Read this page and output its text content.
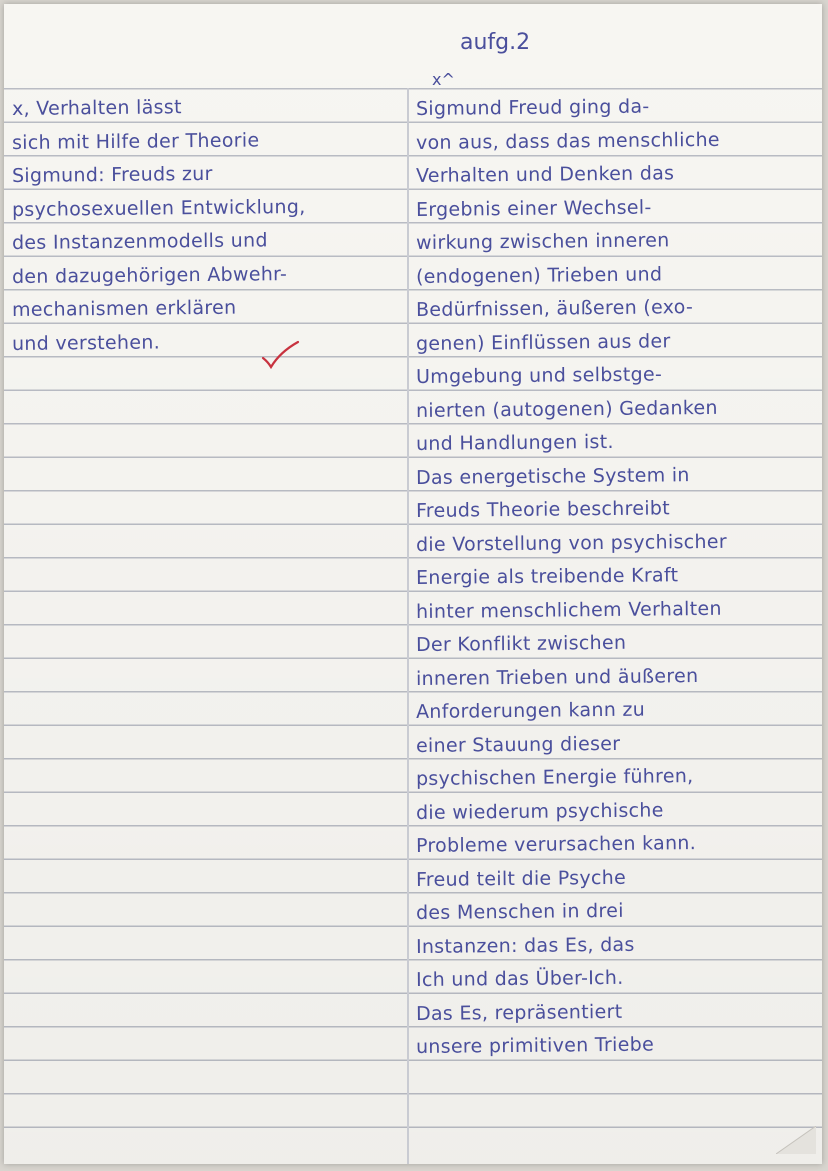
aufg.2
x^
x, Verhalten lässt
sich mit Hilfe der Theorie
Sigmund: Freuds zur
psychosexuellen Entwicklung,
des Instanzenmodells und
den dazugehörigen Abwehr-
mechanismen erklären
und verstehen.
Sigmund Freud ging da-
von aus, dass das menschliche
Verhalten und Denken das
Ergebnis einer Wechsel-
wirkung zwischen inneren
(endogenen) Trieben und
Bedürfnissen, äußeren (exo-
genen) Einflüssen aus der
Umgebung und selbstge-
nierten (autogenen) Gedanken
und Handlungen ist.
Das energetische System in
Freuds Theorie beschreibt
die Vorstellung von psychischer
Energie als treibende Kraft
hinter menschlichem Verhalten
Der Konflikt zwischen
inneren Trieben und äußeren
Anforderungen kann zu
einer Stauung dieser
psychischen Energie führen,
die wiederum psychische
Probleme verursachen kann.
Freud teilt die Psyche
des Menschen in drei
Instanzen: das Es, das
Ich und das Über-Ich.
Das Es, repräsentiert
unsere primitiven Triebe
